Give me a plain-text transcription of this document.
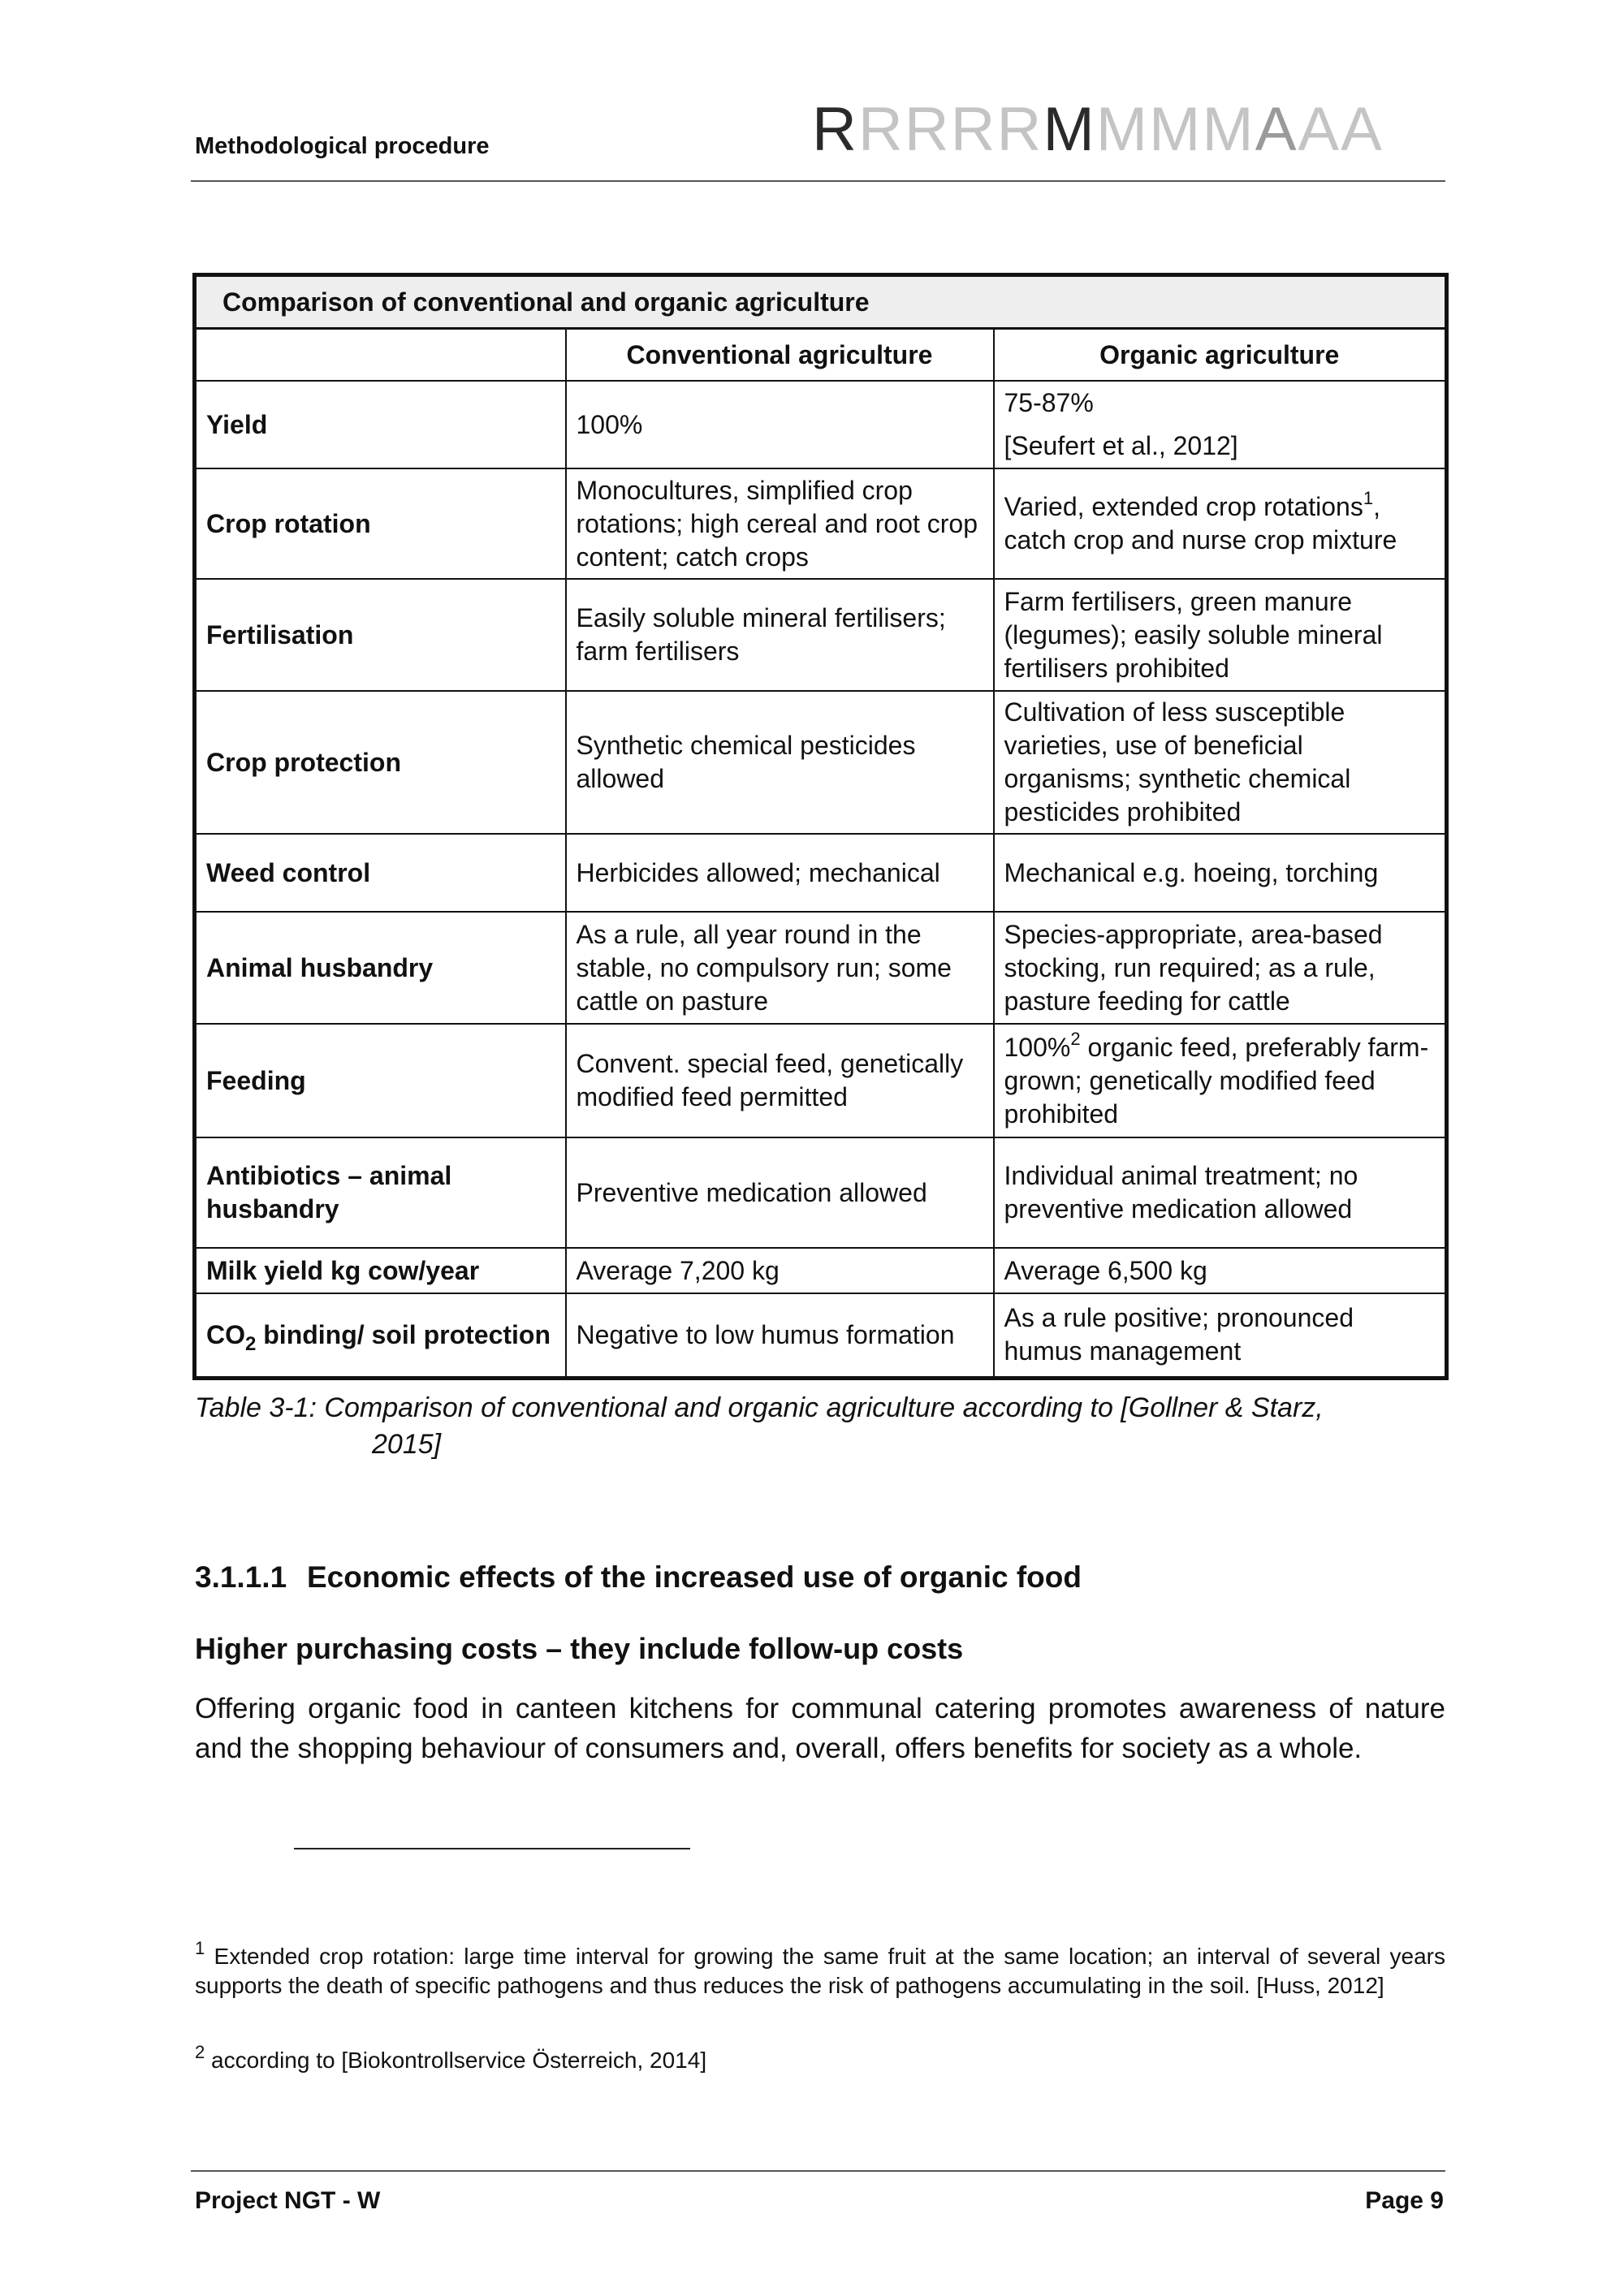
Methodological procedure	RRRRRMMMMAAA
Comparison of conventional and organic agriculture		
	Conventional agriculture	Organic agriculture
Yield	100%	75-87%
[Seufert et al., 2012]

Crop rotation	Monocultures, simplified crop rotations; high cereal and root crop content; catch crops	Varied, extended crop rotations$^1$, catch crop and nurse crop mixture
Fertilisation	Easily soluble mineral fertilisers; farm fertilisers	Farm fertilisers, green manure (legumes); easily soluble mineral fertilisers prohibited
Crop protection	Synthetic chemical pesticides allowed	Cultivation of less susceptible varieties, use of beneficial organisms; synthetic chemical pesticides prohibited
Weed control	Herbicides allowed; mechanical	Mechanical e.g. hoeing, torching
Animal husbandry	As a rule, all year round in the stable, no compulsory run; some cattle on pasture	Species-appropriate, area-based stocking, run required; as a rule, pasture feeding for cattle
Feeding	Convent. special feed, genetically modified feed permitted	100%$^2$ organic feed, preferably farm-grown; genetically modified feed prohibited
Antibiotics – animal husbandry	Preventive medication allowed	Individual animal treatment; no preventive medication allowed
Milk yield kg cow/year	Average 7,200 kg	Average 6,500 kg
$CO_2$ binding/ soil protection	Negative to low humus formation	As a rule positive; pronounced humus management
Table 3-1: Comparison of conventional and organic agriculture according to [Gollner & Starz,
2015]
3.1.1.1 Economic effects of the increased use of organic food
Higher purchasing costs – they include follow-up costs
Offering organic food in canteen kitchens for communal catering promotes awareness of nature and the shopping behaviour of consumers and, overall, offers benefits for society as a whole.
$^1$ Extended crop rotation: large time interval for growing the same fruit at the same location; an interval of several years supports the death of specific pathogens and thus reduces the risk of pathogens accumulating in the soil. [Huss, 2012]
$^2$ according to [Biokontrollservice Österreich, 2014]
Project NGT - W	Page 9
